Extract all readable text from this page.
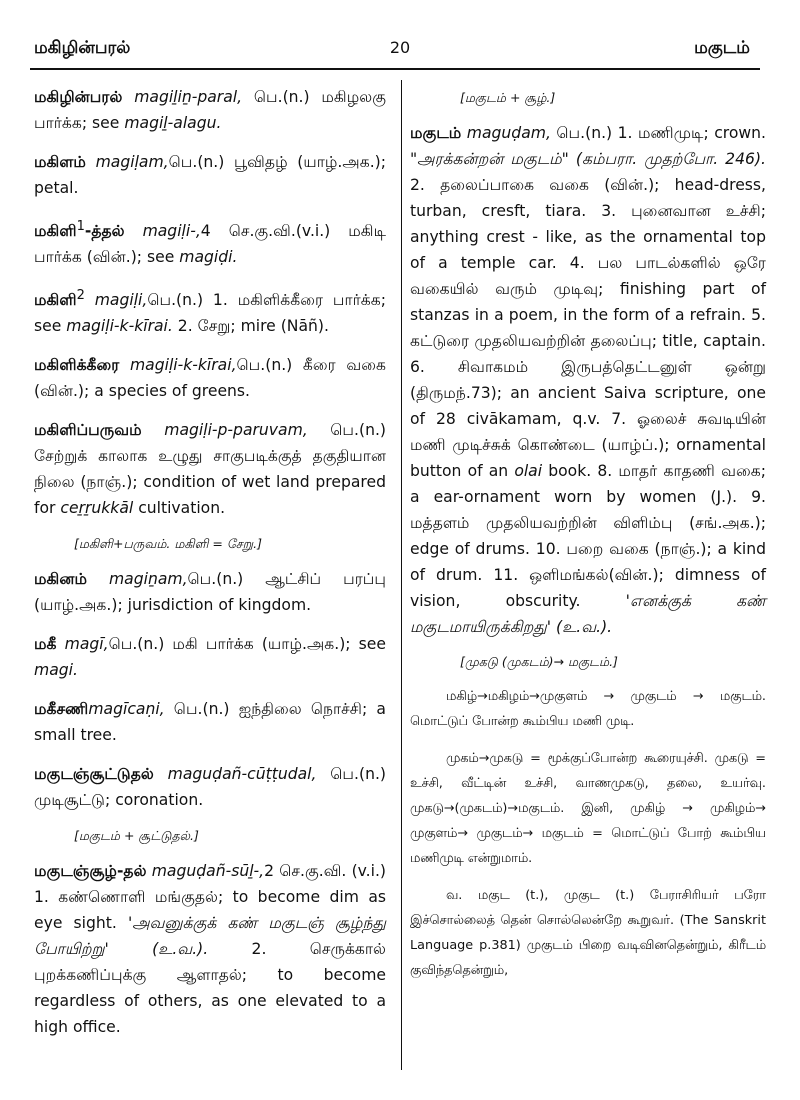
மகிழின்பரல்	20	மகுடம்
மகிழின்பரல் magiḻiṉ-paral, பெ.(n.) மகிழலகு பார்க்க; see magiḻ-alagu.
மகிளம் magiḷam,பெ.(n.) பூவிதழ் (யாழ்.அக.); petal.
மகிளி$^1$-த்தல் magiḷi-,4 செ.கு.வி.(v.i.) மகிடி பார்க்க (வின்.); see magiḍi.
மகிளி$^2$ magiḷi,பெ.(n.) 1. மகிளிக்கீரை பார்க்க; see magiḷi-k-kīrai. 2. சேறு; mire (Nāñ).
மகிளிக்கீரை magiḷi-k-kīrai,பெ.(n.) கீரை வகை (வின்.); a species of greens.
மகிளிப்பருவம் magiḷi-p-paruvam, பெ.(n.) சேற்றுக் காலாக உழுது சாகுபடிக்குத் தகுதியான நிலை (நாஞ்.); condition of wet land prepared for ceṟṟukkāl cultivation.
[மகிளி+பருவம். மகிளி = சேறு.]
மகினம் magiṉam,பெ.(n.) ஆட்சிப் பரப்பு (யாழ்.அக.); jurisdiction of kingdom.
மகீ magī,பெ.(n.) மகி பார்க்க (யாழ்.அக.); see magi.
மகீசணிmagīcaṇi, பெ.(n.) ஐந்திலை நொச்சி; a small tree.
மகுடஞ்சூட்டுதல் maguḍañ-cūṭṭudal, பெ.(n.) முடிசூட்டு; coronation.
[மகுடம் + சூட்டுதல்.]
மகுடஞ்சூழ்-தல் maguḍañ-sūḻ-,2 செ.கு.வி. (v.i.) 1. கண்ணொளி மங்குதல்; to become dim as eye sight. 'அவனுக்குக் கண் மகுடஞ் சூழ்ந்து போயிற்று' (உ.வ.). 2. செருக்கால் புறக்கணிப்புக்கு ஆளாதல்; to become regardless of others, as one elevated to a high office.
[மகுடம் + சூழ்.]
மகுடம் maguḍam, பெ.(n.) 1. மணிமுடி; crown. "அரக்கன்றன் மகுடம்" (கம்பரா. முதற்போ. 246). 2. தலைப்பாகை வகை (வின்.); head-dress, turban, cresft, tiara. 3. புனைவான உச்சி; anything crest - like, as the ornamental top of a temple car. 4. பல பாடல்களில் ஒரே வகையில் வரும் முடிவு; finishing part of stanzas in a poem, in the form of a refrain. 5. கட்டுரை முதலியவற்றின் தலைப்பு; title, captain. 6. சிவாகமம் இருபத்தெட்டனுள் ஒன்று (திருமந்.73); an ancient Saiva scripture, one of 28 civākamam, q.v. 7. ஓலைச் சுவடியின் மணி முடிச்சுக் கொண்டை (யாழ்ப்.); ornamental button of an olai book. 8. மாதர் காதணி வகை; a ear-ornament worn by women (J.). 9. மத்தளம் முதலியவற்றின் விளிம்பு (சங்.அக.); edge of drums. 10. பறை வகை (நாஞ்.); a kind of drum. 11. ஒளிமங்கல்(வின்.); dimness of vision, obscurity. 'எனக்குக் கண் மகுடமாயிருக்கிறது' (உ.வ.).
[முகடு (முகடம்)→ மகுடம்.]
மகிழ்→மகிழம்→முகுளம் → முகுடம் → மகுடம். மொட்டுப் போன்ற கூம்பிய மணி முடி.
முகம்→முகடு = மூக்குப்போன்ற கூரையுச்சி. முகடு = உச்சி, வீட்டின் உச்சி, வாணமுகடு, தலை, உயர்வு. முகடு→(முகடம்)→மகுடம். இனி, முகிழ் → முகிழம்→ முகுளம்→ முகுடம்→ மகுடம் = மொட்டுப் போற் கூம்பிய மணிமுடி என்றுமாம்.
வ. மகுட (t.), முகுட (t.) பேராசிரியர் பரோ இச்சொல்லைத் தென் சொல்லென்றே கூறுவர். (The Sanskrit Language p.381) முகுடம் பிறை வடிவினதென்றும், கிரீடம் குவிந்ததென்றும்,
